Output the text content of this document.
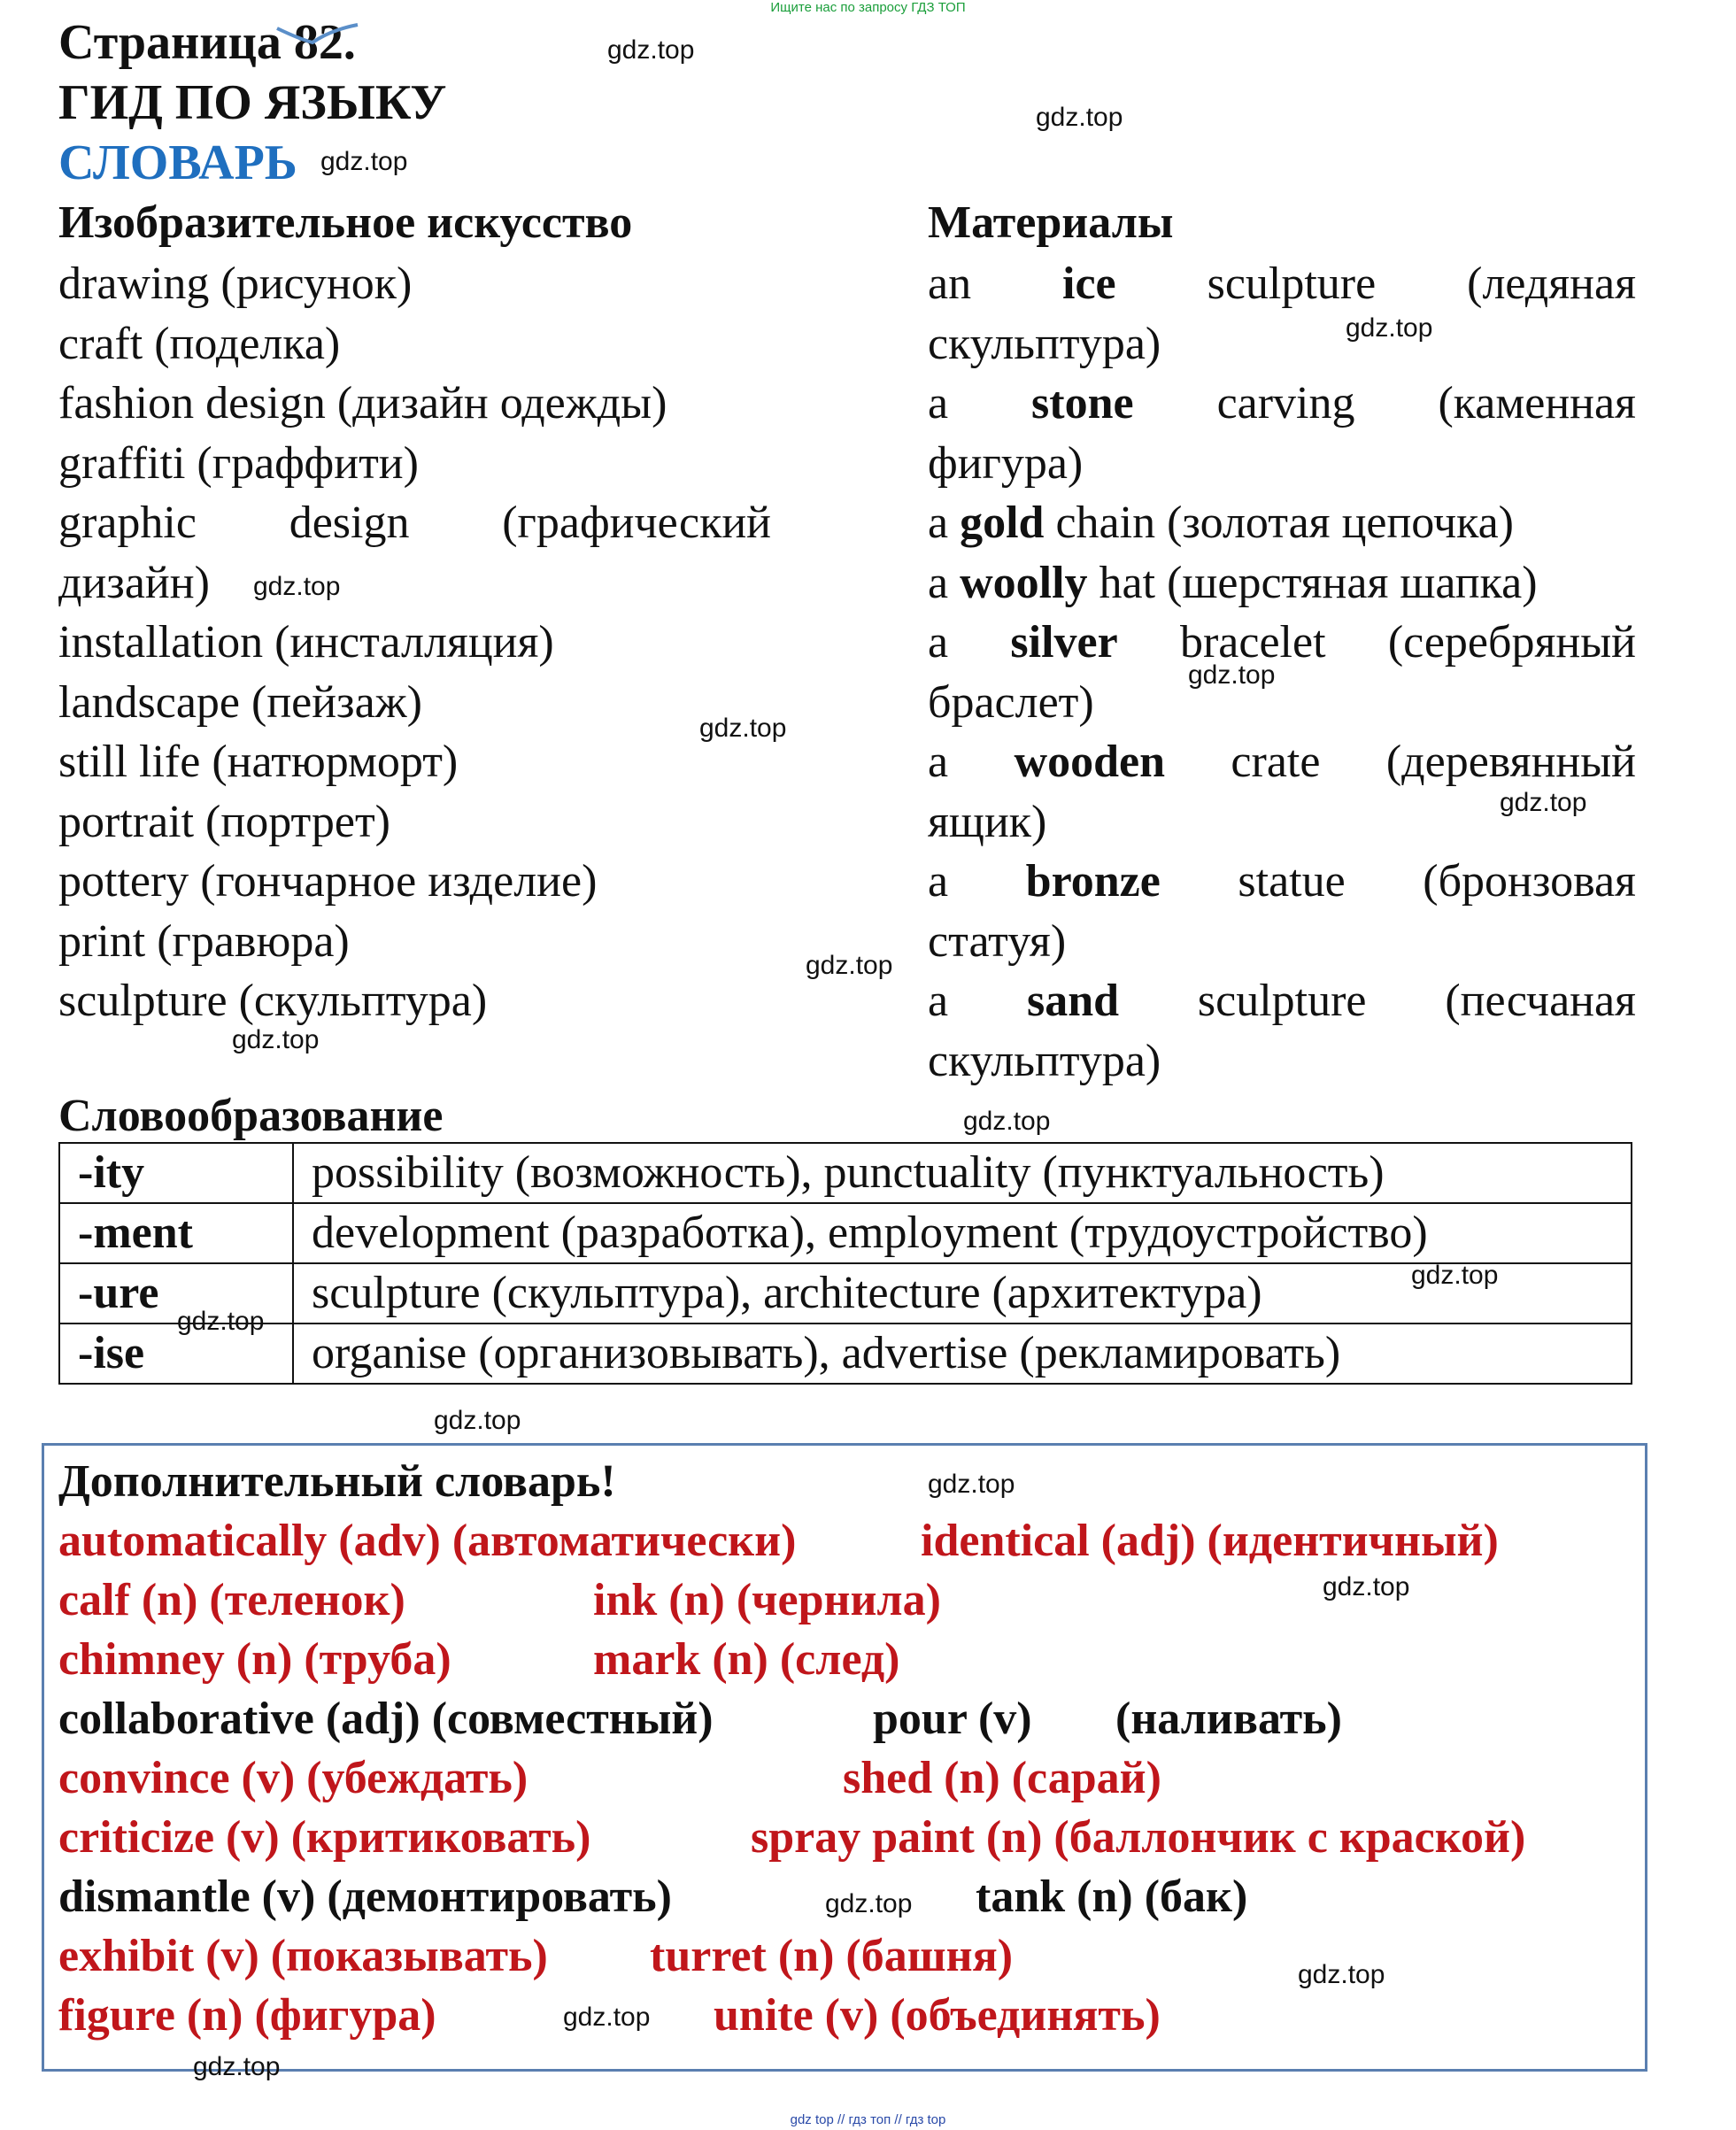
Ищите нас по запросу ГДЗ ТОП
gdz top // гдз топ // гдз top
Страница 82.
ГИД ПО ЯЗЫКУ
СЛОВАРЬ
Изобразительное искусство
drawing (рисунок)
craft (поделка)
fashion design (дизайн одежды)
graffiti (граффити)
graphic design (графический
дизайн)
installation (инсталляция)
landscape (пейзаж)
still life (натюрморт)
portrait (портрет)
pottery (гончарное изделие)
print (гравюра)
sculpture (скульптура)
Материалы
an ice sculpture (ледяная
скульптура)
a stone carving (каменная
фигура)
a gold chain (золотая цепочка)
a woolly hat (шерстяная шапка)
a silver bracelet (серебряный
браслет)
a wooden crate (деревянный
ящик)
a bronze statue (бронзовая
статуя)
a sand sculpture (песчаная
скульптура)
Словообразование
-ity	possibility (возможность), punctuality (пунктуальность)
-ment	development (разработка), employment (трудоустройство)
-ure	sculpture (скульптура), architecture (архитектура)
-ise	organise (организовывать), advertise (рекламировать)
Дополнительный словарь!
automatically (adv) (автоматически)	identical (adj) (идентичный)
calf (n) (теленок)	ink (n) (чернила)
chimney (n) (труба)	mark (n) (след)
collaborative (adj) (совместный)	pour (v) (наливать)
convince (v) (убеждать)	shed (n) (сарай)
criticize (v) (критиковать)	spray paint (n) (баллончик с краской)
dismantle (v) (демонтировать)	tank (n) (бак)
exhibit (v) (показывать) turret (n) (башня)
figure (n) (фигура)	unite (v) (объединять)
gdz.top
gdz.top
gdz.top
gdz.top
gdz.top
gdz.top
gdz.top
gdz.top
gdz.top
gdz.top
gdz.top
gdz.top
gdz.top
gdz.top
gdz.top
gdz.top
gdz.top
gdz.top
gdz.top
gdz.top
